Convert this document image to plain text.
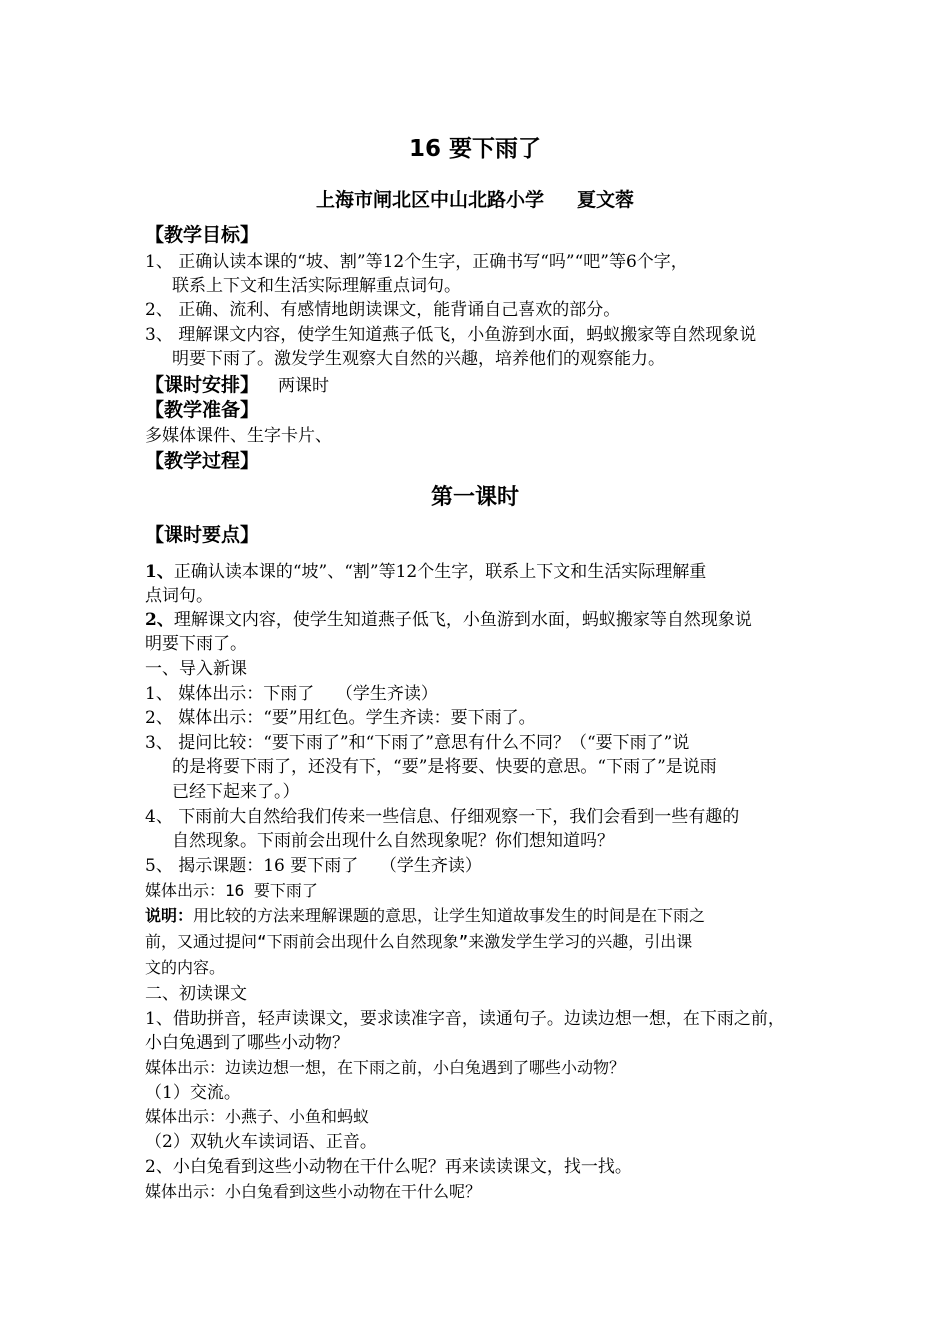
16 要下雨了
上海市闸北区中山北路小学     夏文蓉
【教学目标】
1、 正确认读本课的“坡、割”等12个生字，正确书写“吗”“吧”等6个字，
联系上下文和生活实际理解重点词句。
2、 正确、流利、有感情地朗读课文，能背诵自己喜欢的部分。
3、 理解课文内容，使学生知道燕子低飞，小鱼游到水面，蚂蚁搬家等自然现象说
明要下雨了。激发学生观察大自然的兴趣，培养他们的观察能力。
【课时安排】 两课时
【教学准备】
多媒体课件、生字卡片、
【教学过程】
第一课时
【课时要点】
1、正确认读本课的“坡”、“割”等12个生字，联系上下文和生活实际理解重
点词句。
2、理解课文内容，使学生知道燕子低飞，小鱼游到水面，蚂蚁搬家等自然现象说
明要下雨了。
一、导入新课
1、 媒体出示：下雨了    （学生齐读）
2、 媒体出示：“要”用红色。学生齐读：要下雨了。
3、 提问比较：“要下雨了”和“下雨了”意思有什么不同？（“要下雨了”说
的是将要下雨了，还没有下，“要”是将要、快要的意思。“下雨了”是说雨
已经下起来了。）
4、 下雨前大自然给我们传来一些信息、仔细观察一下，我们会看到一些有趣的
自然现象。下雨前会出现什么自然现象呢？你们想知道吗？
5、 揭示课题：16 要下雨了    （学生齐读）
媒体出示：16 要下雨了
说明：用比较的方法来理解课题的意思，让学生知道故事发生的时间是在下雨之
前，又通过提问“下雨前会出现什么自然现象”来激发学生学习的兴趣，引出课
文的内容。
二、初读课文
1、借助拼音，轻声读课文，要求读准字音，读通句子。边读边想一想，在下雨之前，
小白兔遇到了哪些小动物？
媒体出示：边读边想一想，在下雨之前，小白兔遇到了哪些小动物？
（1）交流。
媒体出示：小燕子、小鱼和蚂蚁
（2）双轨火车读词语、正音。
2、小白兔看到这些小动物在干什么呢？再来读读课文，找一找。
媒体出示：小白兔看到这些小动物在干什么呢？
